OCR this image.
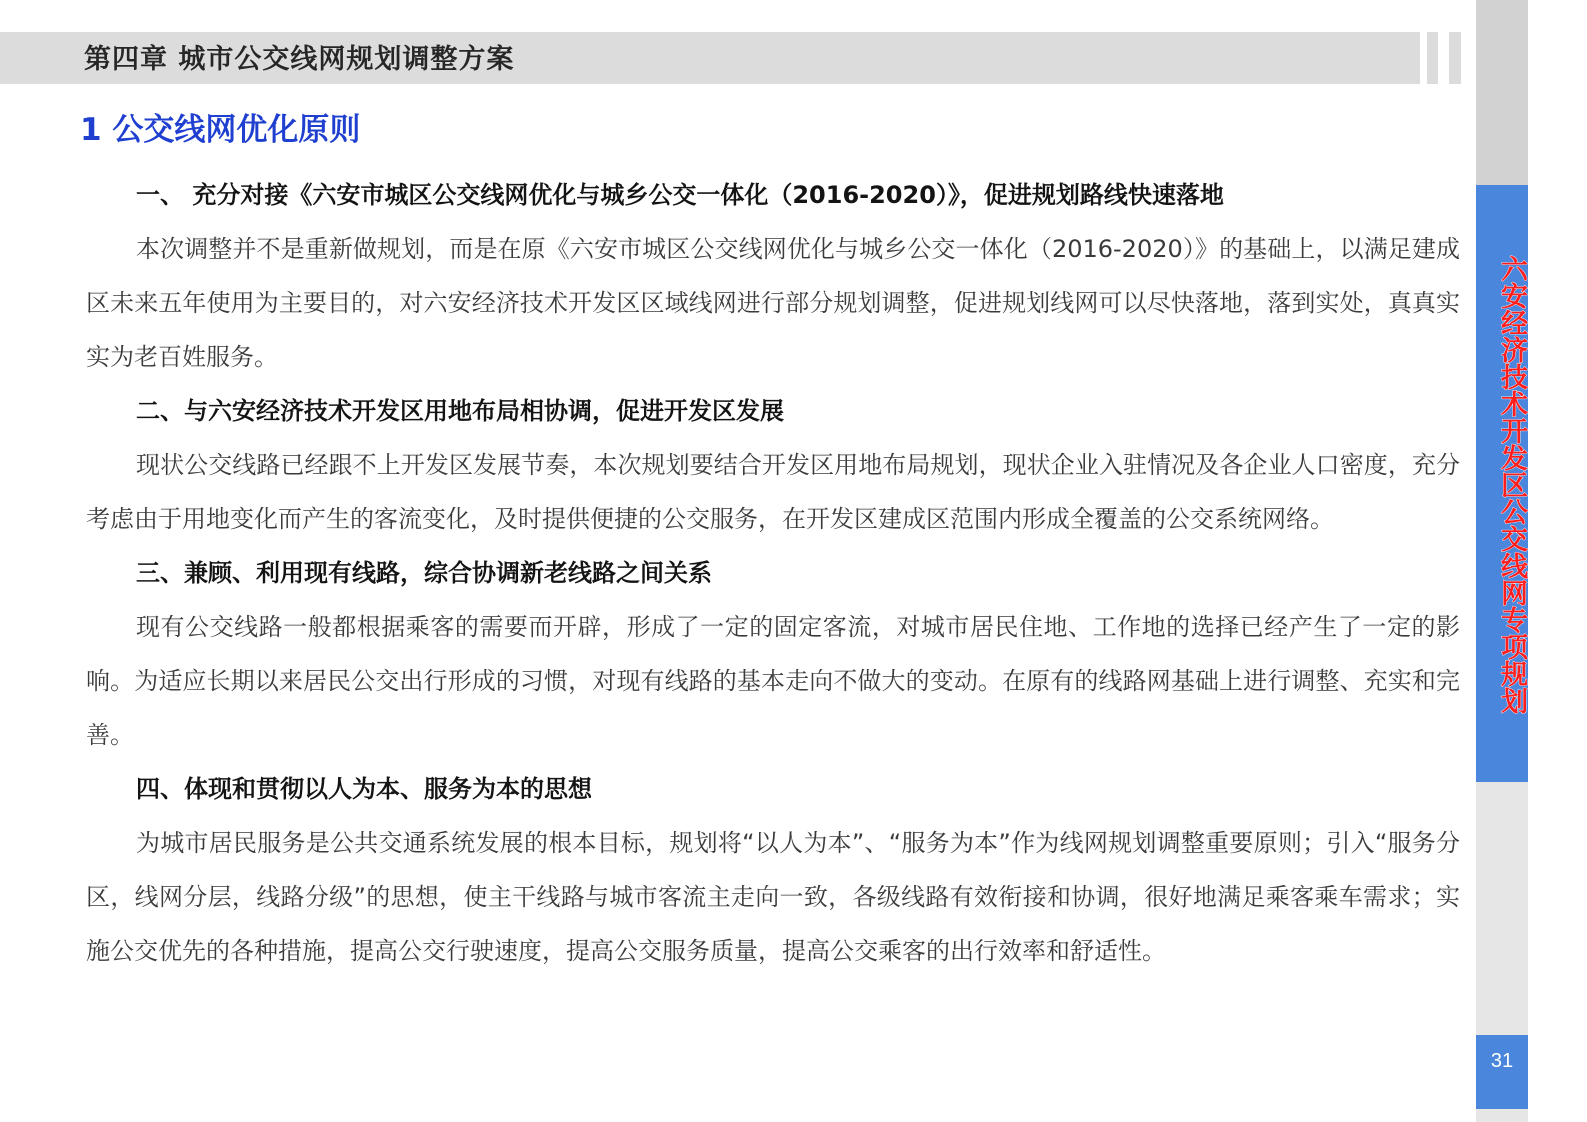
第四章 城市公交线网规划调整方案
六安经济技术开发区公交线网专项规划
31
1 公交线网优化原则

一、 充分对接《六安市城区公交线网优化与城乡公交一体化（2016-2020）》，促进规划路线快速落地

本次调整并不是重新做规划，而是在原《六安市城区公交线网优化与城乡公交一体化（2016-2020）》的基础上，以满足建成区未来五年使用为主要目的，对六安经济技术开发区区域线网进行部分规划调整，促进规划线网可以尽快落地，落到实处，真真实实为老百姓服务。

二、与六安经济技术开发区用地布局相协调，促进开发区发展

现状公交线路已经跟不上开发区发展节奏，本次规划要结合开发区用地布局规划，现状企业入驻情况及各企业人口密度，充分考虑由于用地变化而产生的客流变化，及时提供便捷的公交服务，在开发区建成区范围内形成全覆盖的公交系统网络。

三、兼顾、利用现有线路，综合协调新老线路之间关系

现有公交线路一般都根据乘客的需要而开辟，形成了一定的固定客流，对城市居民住地、工作地的选择已经产生了一定的影响。为适应长期以来居民公交出行形成的习惯，对现有线路的基本走向不做大的变动。在原有的线路网基础上进行调整、充实和完善。

四、体现和贯彻以人为本、服务为本的思想

为城市居民服务是公共交通系统发展的根本目标，规划将“以人为本”、“服务为本”作为线网规划调整重要原则；引入“服务分区，线网分层，线路分级”的思想，使主干线路与城市客流主走向一致，各级线路有效衔接和协调，很好地满足乘客乘车需求；实施公交优先的各种措施，提高公交行驶速度，提高公交服务质量，提高公交乘客的出行效率和舒适性。
